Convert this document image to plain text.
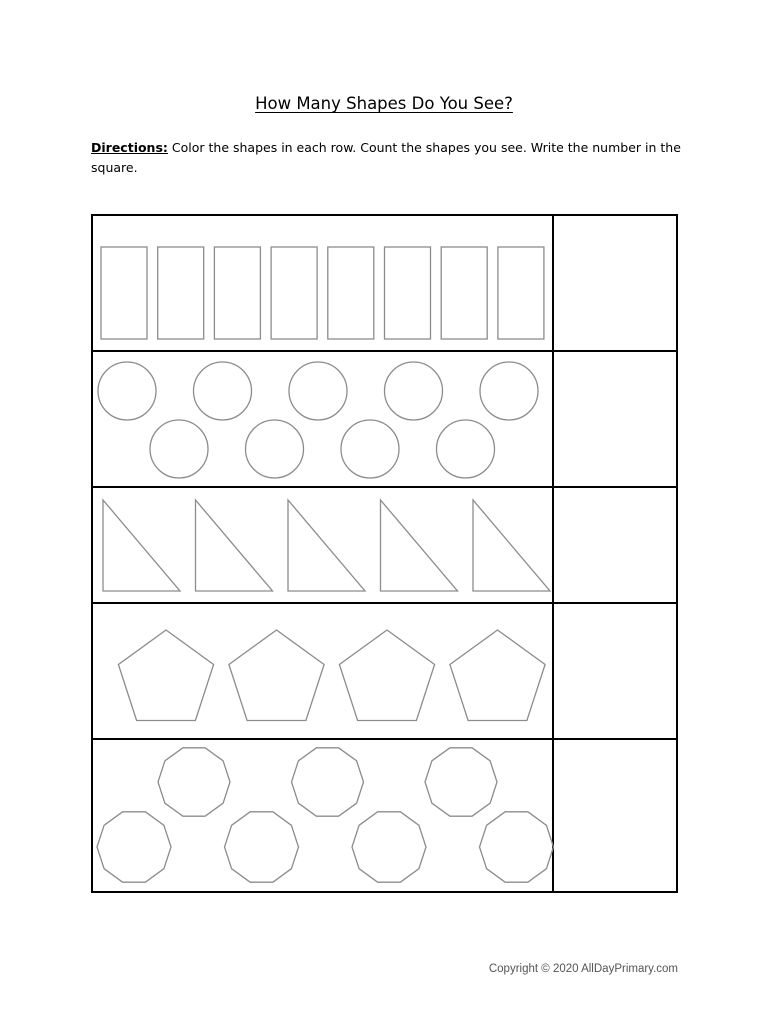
How Many Shapes Do You See?

Directions: Color the shapes in each row. Count the shapes you see. Write the number in the square.

Copyright © 2020 AllDayPrimary.com
